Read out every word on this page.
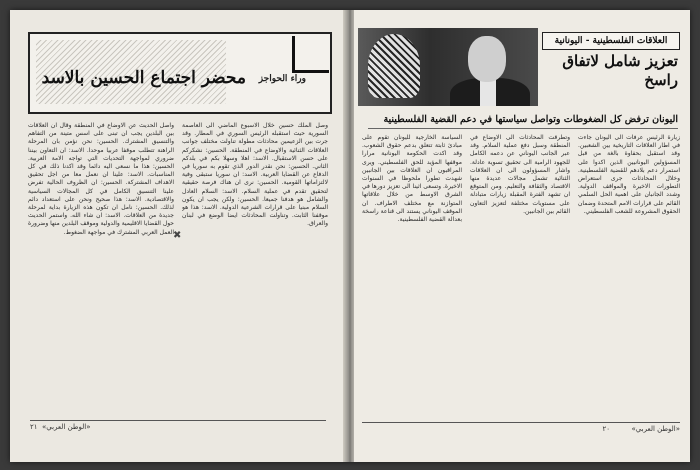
محضر اجتماع الحسين بالاسد وراء الحواجز
واصل الحديث عن الاوضاع في المنطقة وقال ان العلاقات بين البلدين يجب ان تبنى على اسس متينة من التفاهم والتنسيق المشترك. الحسين: نحن نؤمن بان المرحلة الراهنة تتطلب موقفا عربيا موحدا. الاسد: ان التعاون بيننا ضروري لمواجهة التحديات التي تواجه الامة العربية. الحسين: هذا ما نسعى اليه دائما وقد اكدنا ذلك في كل المناسبات. الاسد: علينا ان نعمل معا من اجل تحقيق الاهداف المشتركة. الحسين: ان الظروف الحالية تفرض علينا التنسيق الكامل في كل المجالات السياسية والاقتصادية. الاسد: هذا صحيح ونحن على استعداد دائم لذلك. الحسين: نامل ان تكون هذه الزيارة بداية لمرحلة جديدة من العلاقات. الاسد: ان شاء الله. واستمر الحديث حول القضايا الاقليمية والدولية وموقف البلدين منها وضرورة العمل العربي المشترك في مواجهة الضغوط.
وصل الملك حسين خلال الاسبوع الماضي الى العاصمة السورية حيث استقبله الرئيس السوري في المطار. وقد جرت بين الزعيمين محادثات مطولة تناولت مختلف جوانب العلاقات الثنائية والاوضاع في المنطقة. الحسين: نشكركم على حسن الاستقبال. الاسد: اهلا وسهلا بكم في بلدكم الثاني. الحسين: نحن نقدر الدور الذي تقوم به سوريا في الدفاع عن القضايا العربية. الاسد: ان سوريا ستبقى وفية لالتزاماتها القومية. الحسين: نرى ان هناك فرصة حقيقية لتحقيق تقدم في عملية السلام. الاسد: السلام العادل والشامل هو هدفنا جميعا. الحسين: ولكن يجب ان يكون السلام مبنيا على قرارات الشرعية الدولية. الاسد: هذا هو موقفنا الثابت. وتناولت المحادثات ايضا الوضع في لبنان والعراق.
✖
٢١ «الوطن العربي»
العلاقات الفلسطينية - اليونانية
تعزيز شامل لاتفاق راسخ
اليونان ترفض كل الضغوطات وتواصل سياستها في دعم القضية الفلسطينية
السياسة الخارجية لليونان تقوم على مبادئ ثابتة تتعلق بدعم حقوق الشعوب. وقد اكدت الحكومة اليونانية مرارا موقفها المؤيد للحق الفلسطيني. ويرى المراقبون ان العلاقات بين الجانبين شهدت تطورا ملحوظا في السنوات الاخيرة. وتسعى اثينا الى تعزيز دورها في الشرق الاوسط من خلال علاقاتها المتوازنة مع مختلف الاطراف. ان الموقف اليوناني يستند الى قناعة راسخة بعدالة القضية الفلسطينية.
وتطرقت المحادثات الى الاوضاع في المنطقة وسبل دفع عملية السلام. وقد عبر الجانب اليوناني عن دعمه الكامل للجهود الرامية الى تحقيق تسوية عادلة. واشار المسؤولون الى ان العلاقات الثنائية تشمل مجالات عديدة منها الاقتصاد والثقافة والتعليم. ومن المتوقع ان تشهد الفترة المقبلة زيارات متبادلة على مستويات مختلفة لتعزيز التعاون القائم بين الجانبين.
زيارة الرئيس عرفات الى اليونان جاءت في اطار العلاقات التاريخية بين الشعبين. وقد استقبل بحفاوة بالغة من قبل المسؤولين اليونانيين الذين اكدوا على استمرار دعم بلادهم للقضية الفلسطينية. وخلال المحادثات جرى استعراض التطورات الاخيرة والمواقف الدولية. وشدد الجانبان على اهمية الحل السلمي القائم على قرارات الامم المتحدة وضمان الحقوق المشروعة للشعب الفلسطيني.
«الوطن العربي»
٢٠
